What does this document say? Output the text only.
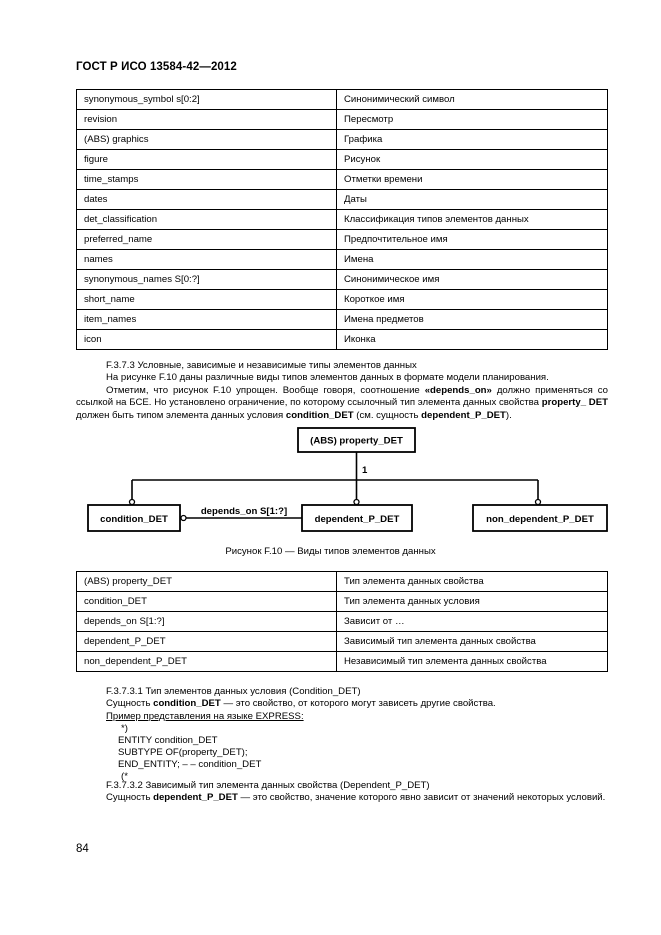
ГОСТ Р ИСО 13584-42—2012
synonymous_symbol s[0:2]	Синонимический символ
revision	Пересмотр
(ABS) graphics	Графика
figure	Рисунок
time_stamps	Отметки времени
dates	Даты
det_classification	Классификация типов элементов данных
preferred_name	Предпочтительное имя
names	Имена
synonymous_names S[0:?]	Синонимическое имя
short_name	Короткое имя
item_names	Имена предметов
icon	Иконка

F.3.7.3 Условные, зависимые и независимые типы элементов данных

На рисунке F.10 даны различные виды типов элементов данных в формате модели планирования.

Отметим, что рисунок F.10 упрощен. Вообще говоря, соотношение «depends_on» должно применяться со ссылкой на БСЕ. Но установлено ограничение, по которому ссылочный тип элемента данных свойства property_ DET должен быть типом элемента данных условия condition_DET (см. сущность dependent_P_DET).

(ABS) property_DET
1
condition_DET	dependent_P_DET	non_dependent_P_DET
depends_on S[1:?]
Рисунок F.10 — Виды типов элементов данных
(ABS) property_DET	Тип элемента данных свойства
condition_DET	Тип элемента данных условия
depends_on S[1:?]	Зависит от …
dependent_P_DET	Зависимый тип элемента данных свойства
non_dependent_P_DET	Независимый тип элемента данных свойства

F.3.7.3.1 Тип элементов данных условия (Condition_DET)

Сущность condition_DET — это свойство, от которого могут зависеть другие свойства.

Пример представления на языке EXPRESS:

*)
ENTITY condition_DET
SUBTYPE OF(property_DET);
END_ENTITY; – – condition_DET
(*

F.3.7.3.2 Зависимый тип элемента данных свойства (Dependent_P_DET)

Сущность dependent_P_DET — это свойство, значение которого явно зависит от значений некоторых условий.

84
